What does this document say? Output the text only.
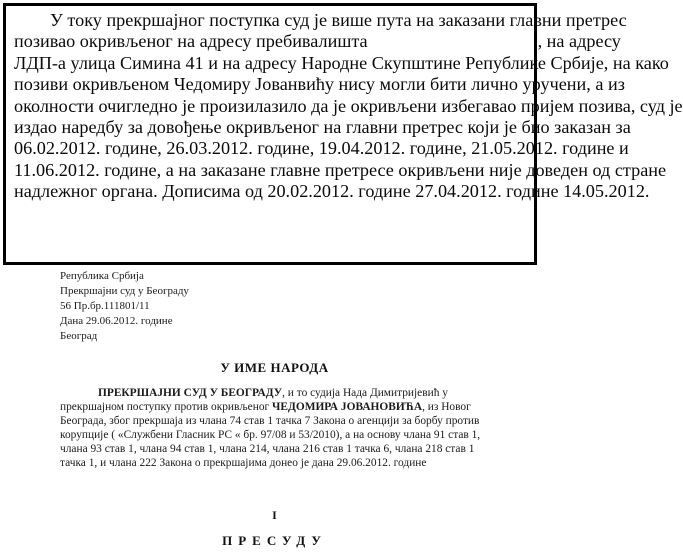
Република Србија
Прекршајни суд у Београду
56 Пр.бр.111801/11
Дана 29.06.2012. године
Београд
У ИМЕ НАРОДА
ПРЕКРШАЈНИ СУД У БЕОГРАДУ, и то судија Нада Димитријевић у
прекршајном поступку против окривљеног ЧЕДОМИРА ЈОВАНОВИЋА, из Новог
Београда, због прекршаја из члана 74 став 1 тачка 7 Закона о агенцији за борбу против
корупције ( «Службени Гласник РС « бр. 97/08 и 53/2010), а на основу члана 91 став 1,
члана 93 став 1, члана 94 став 1, члана 214, члана 216 став 1 тачка 6, члана 218 став 1
тачка 1, и члана 222 Закона о прекршајима донео је дана 29.06.2012. године
I
ПРЕСУДУ
У току прекршајног поступка суд је више пута на заказани главни претрес
позивао окривљеног на адресу пребивалишта	, на адресу
ЛДП-а улица Симина 41 и на адресу Народне Скупштине Републике Србије, на како
позиви окривљеном Чедомиру Јованвићу нису могли бити лично уручени, а из
околности очигледно је произилазило да је окривљени избегавао пријем позива, суд је
издао наредбу за довођење окривљеног на главни претрес који је био заказан за
06.02.2012. године, 26.03.2012. године, 19.04.2012. године, 21.05.2012. године и
11.06.2012. године, а на заказане главне претресе окривљени није доведен од стране
надлежног органа. Дописима од 20.02.2012. године 27.04.2012. године 14.05.2012.
